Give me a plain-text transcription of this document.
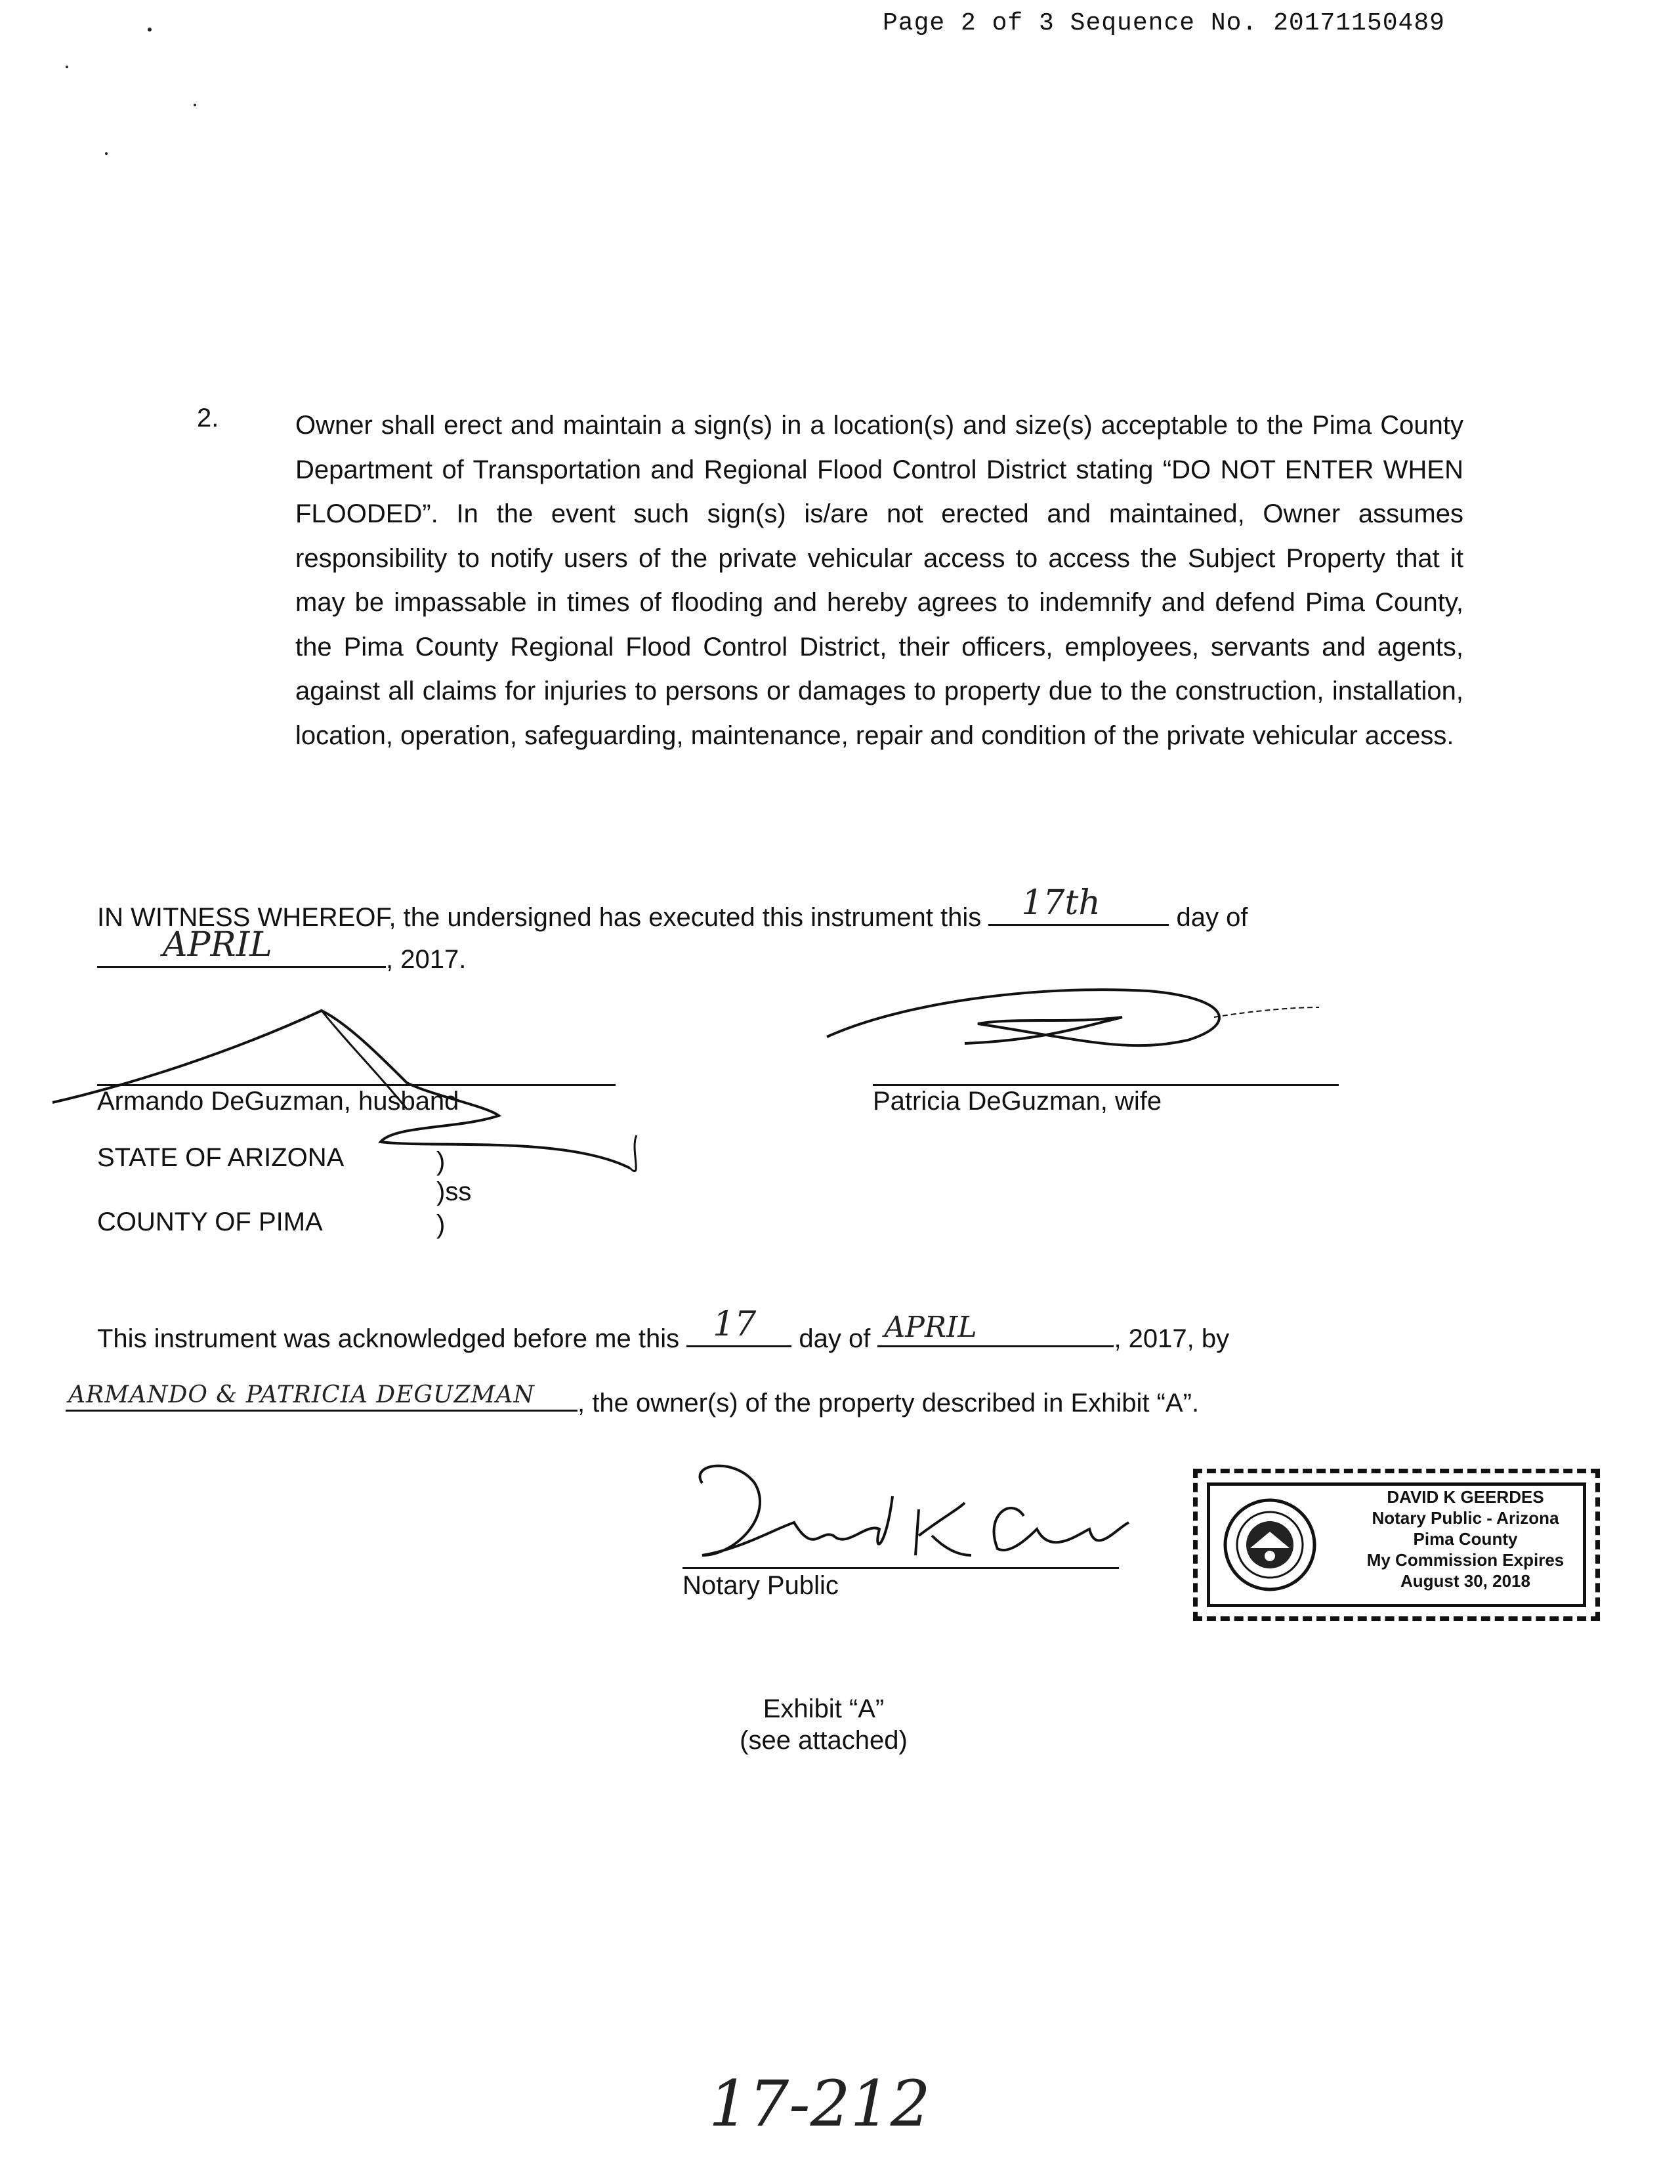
Page 2 of 3 Sequence No. 20171150489
2.	Owner shall erect and maintain a sign(s) in a location(s) and size(s) acceptable to the Pima County Department of Transportation and Regional Flood Control District stating “DO NOT ENTER WHEN FLOODED”. In the event such sign(s) is/are not erected and maintained, Owner assumes responsibility to notify users of the private vehicular access to access the Subject Property that it may be impassable in times of flooding and hereby agrees to indemnify and defend Pima County, the Pima County Regional Flood Control District, their officers, employees, servants and agents, against all claims for injuries to persons or damages to property due to the construction, installation, location, operation, safeguarding, maintenance, repair and condition of the private vehicular access.
IN WITNESS WHEREOF, the undersigned has executed this instrument this 17th	day of
APRIL	, 2017.
Armando DeGuzman, husband	Patricia DeGuzman, wife
STATE OF ARIZONA	)
)ss
COUNTY OF PIMA	)
This instrument was acknowledged before me this 17 day of APRIL	, 2017, by
ARMANDO & PATRICIA DEGUZMAN , the owner(s) of the property described in Exhibit “A”.
Notary Public
DAVID K GEERDES
Notary Public - Arizona
Pima County
My Commission Expires
August 30, 2018
Exhibit “A”
(see attached)
17-212
